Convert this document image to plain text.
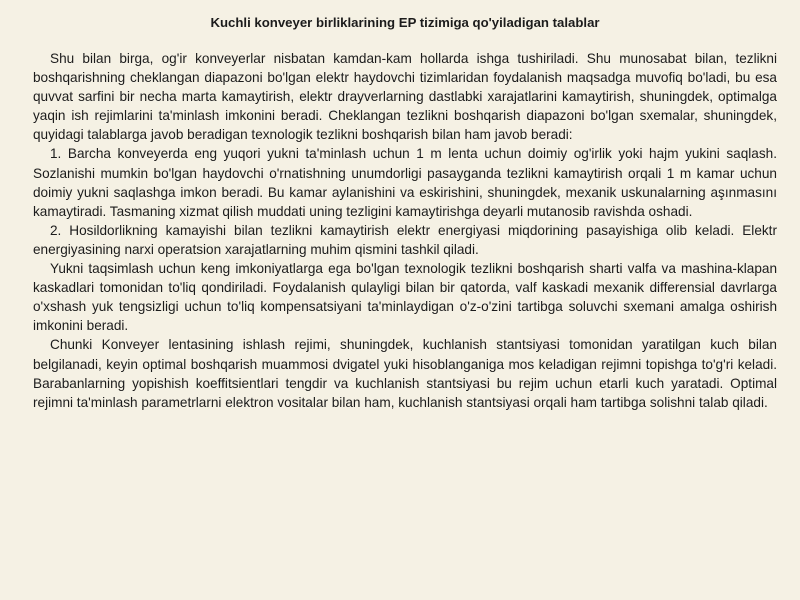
Kuchli konveyer birliklarining EP tizimiga qo'yiladigan talablar

Shu bilan birga, og'ir konveyerlar nisbatan kamdan-kam hollarda ishga tushiriladi. Shu munosabat bilan, tezlikni boshqarishning cheklangan diapazoni bo'lgan elektr haydovchi tizimlaridan foydalanish maqsadga muvofiq bo'ladi, bu esa quvvat sarfini bir necha marta kamaytirish, elektr drayverlarning dastlabki xarajatlarini kamaytirish, shuningdek, optimalga yaqin ish rejimlarini ta'minlash imkonini beradi. Cheklangan tezlikni boshqarish diapazoni bo'lgan sxemalar, shuningdek, quyidagi talablarga javob beradigan texnologik tezlikni boshqarish bilan ham javob beradi:

1. Barcha konveyerda eng yuqori yukni ta'minlash uchun 1 m lenta uchun doimiy og'irlik yoki hajm yukini saqlash. Sozlanishi mumkin bo'lgan haydovchi o'rnatishning unumdorligi pasayganda tezlikni kamaytirish orqali 1 m kamar uchun doimiy yukni saqlashga imkon beradi. Bu kamar aylanishini va eskirishini, shuningdek, mexanik uskunalarning aşınmasını kamaytiradi. Tasmaning xizmat qilish muddati uning tezligini kamaytirishga deyarli mutanosib ravishda oshadi.

2. Hosildorlikning kamayishi bilan tezlikni kamaytirish elektr energiyasi miqdorining pasayishiga olib keladi. Elektr energiyasining narxi operatsion xarajatlarning muhim qismini tashkil qiladi.

Yukni taqsimlash uchun keng imkoniyatlarga ega bo'lgan texnologik tezlikni boshqarish sharti valfa va mashina-klapan kaskadlari tomonidan to'liq qondiriladi. Foydalanish qulayligi bilan bir qatorda, valf kaskadi mexanik differensial davrlarga o'xshash yuk tengsizligi uchun to'liq kompensatsiyani ta'minlaydigan o'z-o'zini tartibga soluvchi sxemani amalga oshirish imkonini beradi.

Chunki Konveyer lentasining ishlash rejimi, shuningdek, kuchlanish stantsiyasi tomonidan yaratilgan kuch bilan belgilanadi, keyin optimal boshqarish muammosi dvigatel yuki hisoblanganiga mos keladigan rejimni topishga to'g'ri keladi. Barabanlarning yopishish koeffitsientlari tengdir va kuchlanish stantsiyasi bu rejim uchun etarli kuch yaratadi. Optimal rejimni ta'minlash parametrlarni elektron vositalar bilan ham, kuchlanish stantsiyasi orqali ham tartibga solishni talab qiladi.
